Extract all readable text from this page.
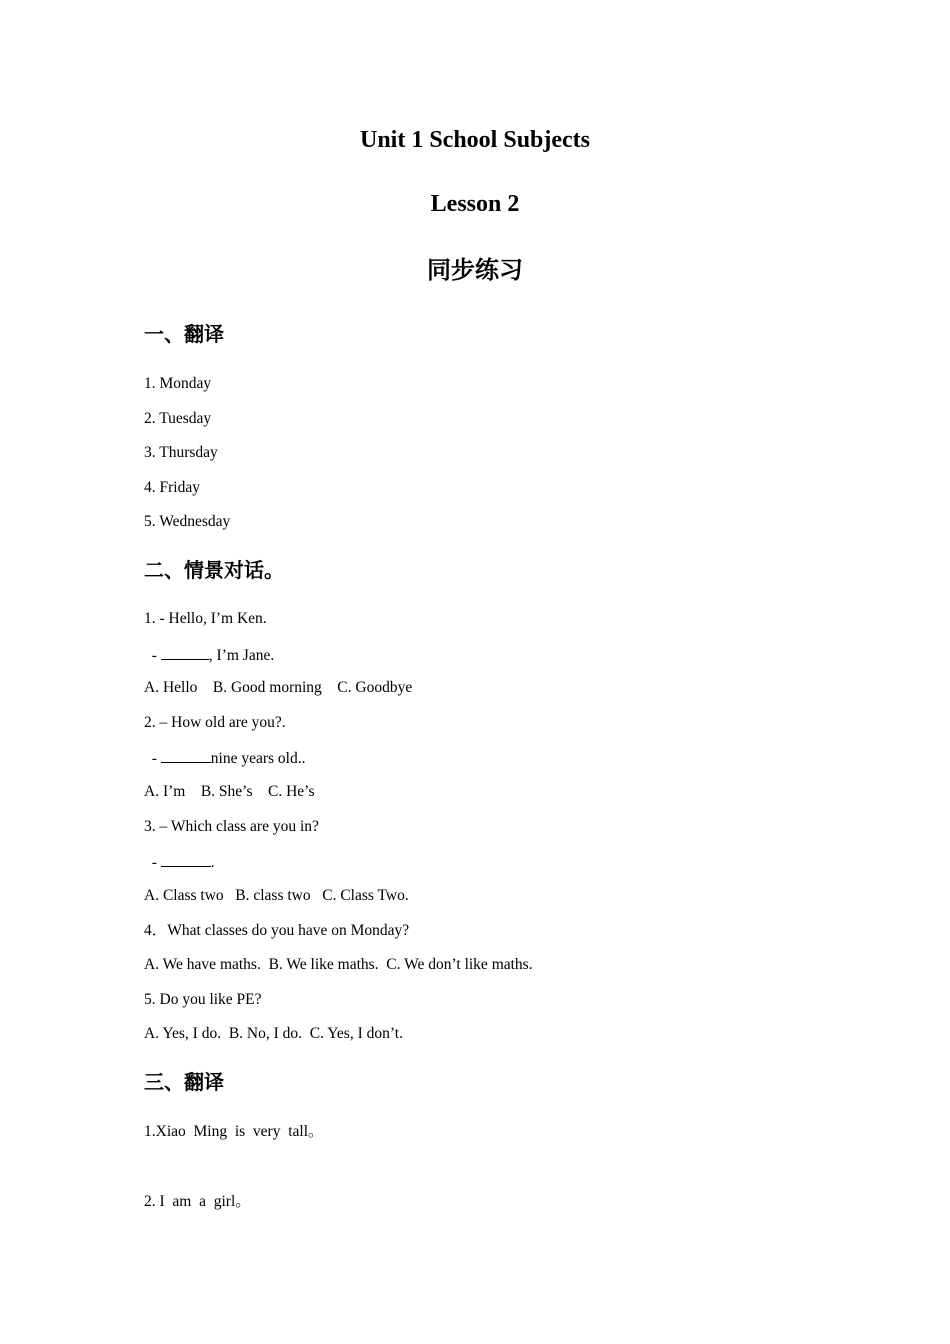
Unit 1 School Subjects
Lesson 2
同步练习
一、翻译
1. Monday
2. Tuesday
3. Thursday
4. Friday
5. Wednesday
二、情景对话。
1. - Hello, I’m Ken.
-	, I’m Jane.
A. Hello    B. Good morning    C. Goodbye
2. – How old are you?.
-	nine years old..
A. I’m    B. She’s    C. He’s
3. – Which class are you in?
-	.
A. Class two   B. class two   C. Class Two.
4．What classes do you have on Monday?
A. We have maths.  B. We like maths.  C. We don’t like maths.
5. Do you like PE?
A. Yes, I do.  B. No, I do.  C. Yes, I don’t.
三、翻译
1.Xiao  Ming  is  very  tall。
2. I  am  a  girl。
